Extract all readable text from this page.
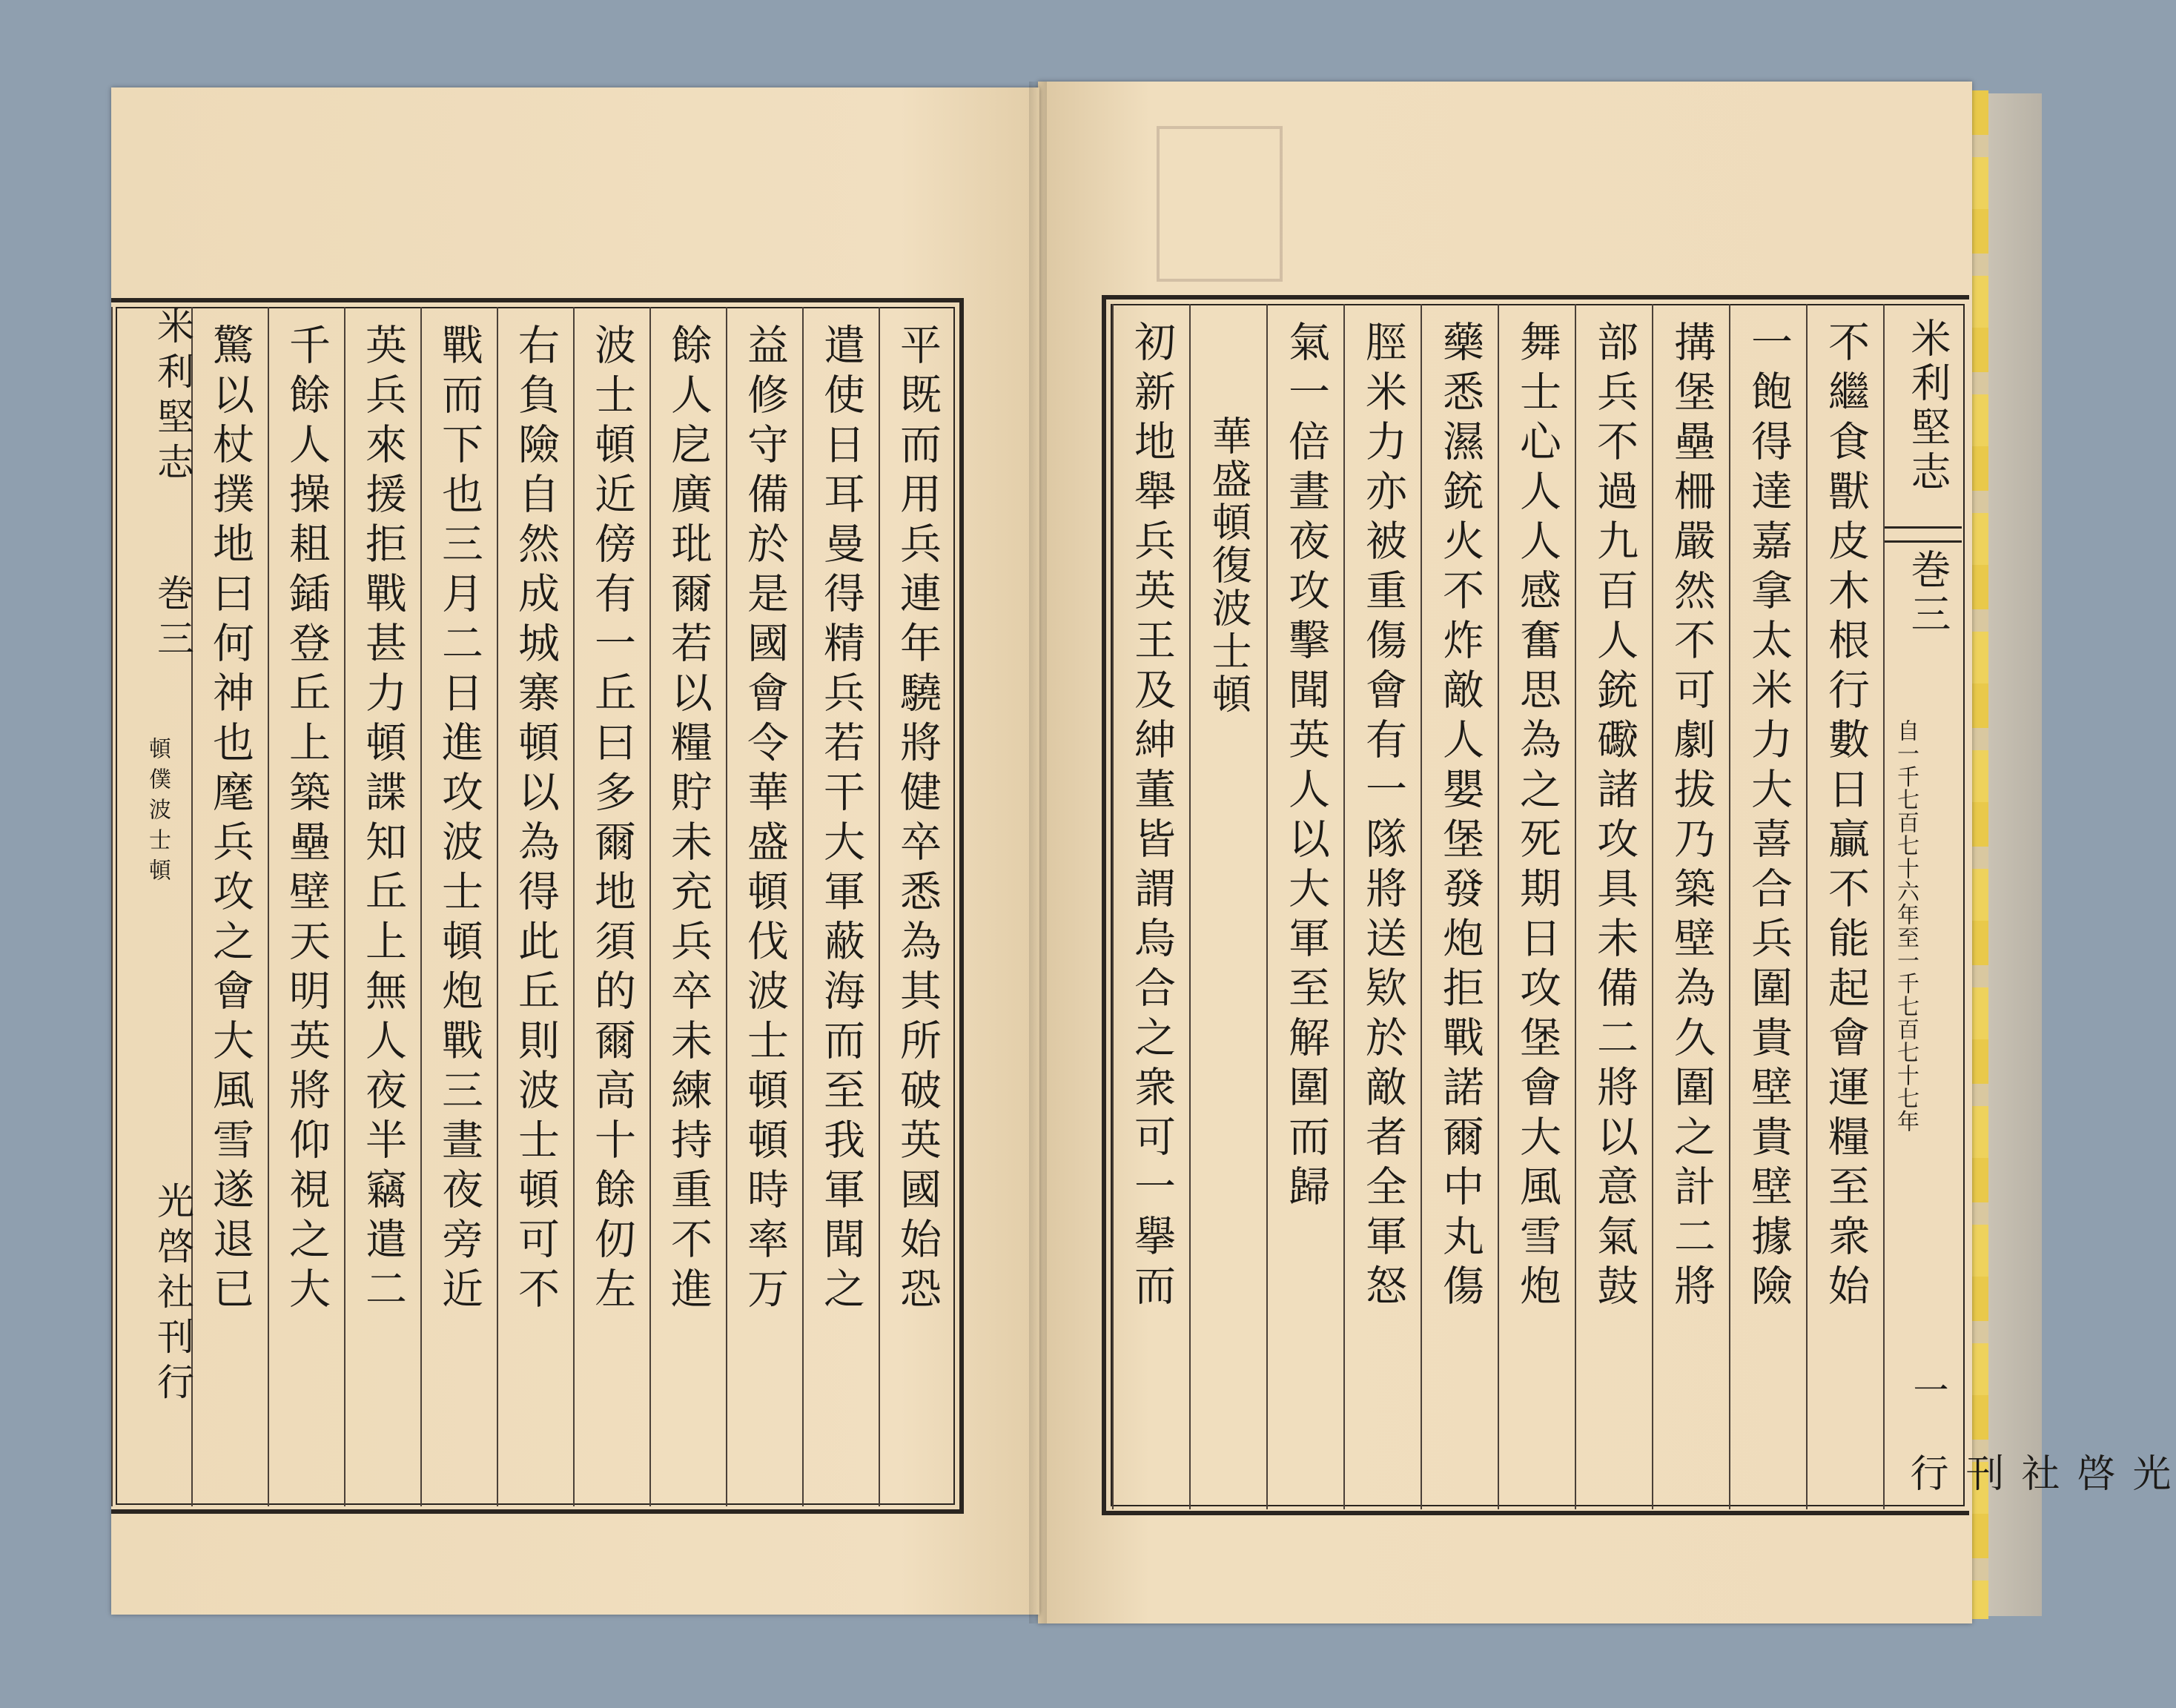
平既而用兵連年驍將健卒悉為其所破英國始恐
遣使日耳曼得精兵若干大軍蔽海而至我軍聞之
益修守備於是國會令華盛頓伐波士頓頓時率万
餘人戹廣玭爾若以糧貯未充兵卒未練持重不進
波士頓近傍有一丘曰多爾地須的爾高十餘仞左
右負險自然成城寨頓以為得此丘則波士頓可不
戰而下也三月二日進攻波士頓炮戰三晝夜旁近
英兵來援拒戰甚力頓諜知丘上無人夜半竊遣二
千餘人操耝鍤登丘上築壘壁天明英將仰視之大
驚以杖撲地曰何神也麾兵攻之會大風雪遂退已
米利堅志
巻三
頓僕波士頓
光啓社刊行
米利堅志
巻三
自一千七百七十六年至一千七百七十七年
一
光啓社刊行
不繼食獸皮木根行數日贏不能起會運糧至衆始
一飽得達嘉拿太米力大喜合兵圍貴壁貴壁據險
搆堡壘柵嚴然不可劇拔乃築壁為久圍之計二將
部兵不過九百人銃礮諸攻具未備二將以意氣鼓
舞士心人人感奮思為之死期日攻堡會大風雪炮
藥悉濕銃火不炸敵人嬰堡發炮拒戰諾爾中丸傷
脛米力亦被重傷會有一隊將送欵於敵者全軍怒
氣一倍晝夜攻擊聞英人以大軍至解圍而歸
華盛頓復波士頓
初新地舉兵英王及紳董皆謂烏合之衆可一擧而
